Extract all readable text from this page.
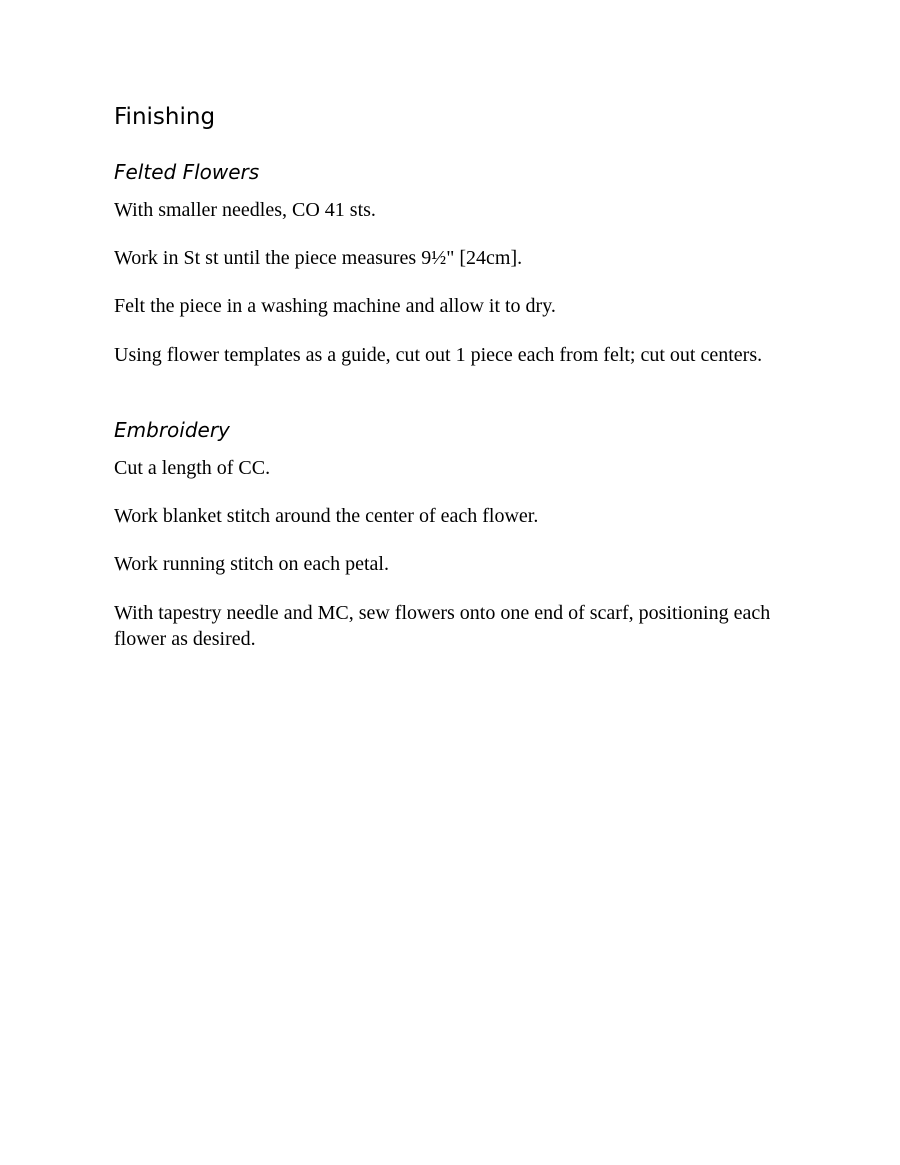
Finishing
Felted Flowers

With smaller needles, CO 41 sts.

Work in St st until the piece measures 9½" [24cm].

Felt the piece in a washing machine and allow it to dry.

Using flower templates as a guide, cut out 1 piece each from felt; cut out centers.

Embroidery

Cut a length of CC.

Work blanket stitch around the center of each flower.

Work running stitch on each petal.

With tapestry needle and MC, sew flowers onto one end of scarf, positioning each flower as desired.
